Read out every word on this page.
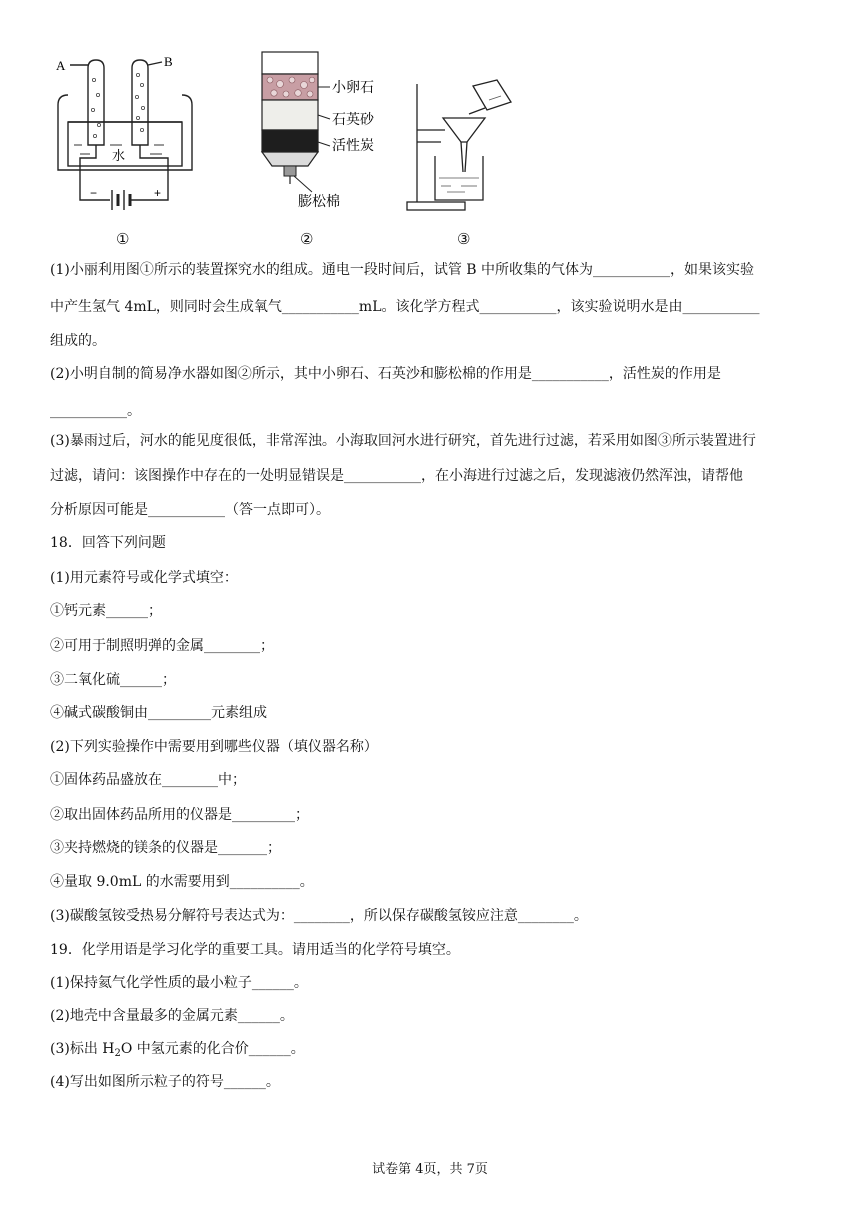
A	B
水
−	+
①
小卵石
石英砂
活性炭
膨松棉
②	③
(1)小丽利用图①所示的装置探究水的组成。通电一段时间后，试管 B 中所收集的气体为___________，如果该实验
中产生氢气 4mL，则同时会生成氧气___________mL。该化学方程式___________，该实验说明水是由___________
组成的。
(2)小明自制的简易净水器如图②所示，其中小卵石、石英沙和膨松棉的作用是___________，活性炭的作用是
___________。
(3)暴雨过后，河水的能见度很低，非常浑浊。小海取回河水进行研究，首先进行过滤，若采用如图③所示装置进行
过滤，请问：该图操作中存在的一处明显错误是___________，在小海进行过滤之后，发现滤液仍然浑浊，请帮他
分析原因可能是___________（答一点即可）。
18．回答下列问题
(1)用元素符号或化学式填空：
①钙元素______；
②可用于制照明弹的金属________；
③二氧化硫______；
④碱式碳酸铜由_________元素组成
(2)下列实验操作中需要用到哪些仪器（填仪器名称）
①固体药品盛放在________中；
②取出固体药品所用的仪器是_________；
③夹持燃烧的镁条的仪器是_______；
④量取 9.0mL 的水需要用到__________。
(3)碳酸氢铵受热易分解符号表达式为：________，所以保存碳酸氢铵应注意________。
19．化学用语是学习化学的重要工具。请用适当的化学符号填空。
(1)保持氦气化学性质的最小粒子______。
(2)地壳中含量最多的金属元素______。
(4)写出如图所示粒子的符号______。
(3)标出 $H_2O$ 中氢元素的化合价______。
试卷第 4页，共 7页
